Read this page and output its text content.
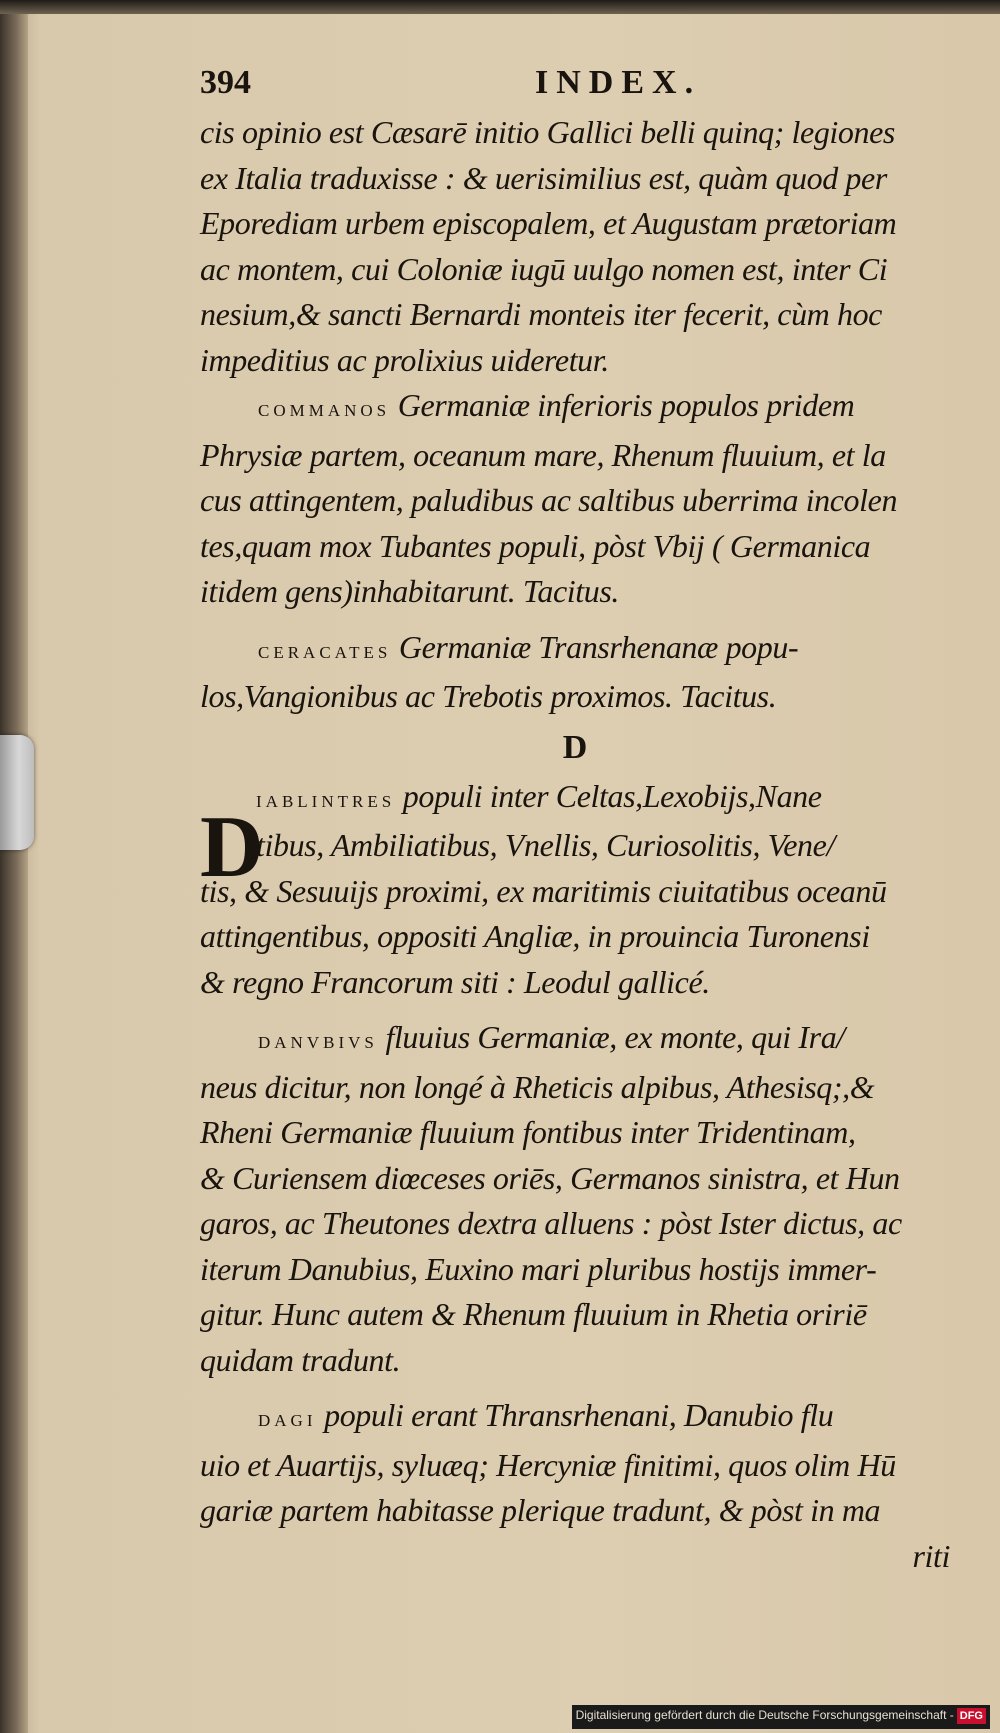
394	INDEX.
cis opinio est Cæsarē initio Gallici belli quinq; legiones
ex Italia traduxisse : & uerisimilius est, quàm quod per
Eporediam urbem episcopalem, et Augustam prætoriam
ac montem, cui Coloniæ iugū uulgo nomen est, inter Ci
nesium,& sancti Bernardi monteis iter fecerit, cùm hoc
impeditius ac prolixius uideretur.
commanos Germaniæ inferioris populos pridem
Phrysiæ partem, oceanum mare, Rhenum fluuium, et la
cus attingentem, paludibus ac saltibus uberrima incolen
tes,quam mox Tubantes populi, pòst Vbij ( Germanica
itidem gens)inhabitarunt. Tacitus.
ceracates Germaniæ Transrhenanæ popu-
los,Vangionibus ac Trebotis proximos. Tacitus.
D
D
iablintres populi inter Celtas,Lexobijs,Nane
tibus, Ambiliatibus, Vnellis, Curiosolitis, Vene/
tis, & Sesuuijs proximi, ex maritimis ciuitatibus oceanū
attingentibus, oppositi Angliæ, in prouincia Turonensi
& regno Francorum siti : Leodul gallicé.
danvbivs fluuius Germaniæ, ex monte, qui Ira/
neus dicitur, non longé à Rheticis alpibus, Athesisq;,&
Rheni Germaniæ fluuium fontibus inter Tridentinam,
& Curiensem diœceses oriēs, Germanos sinistra, et Hun
garos, ac Theutones dextra alluens : pòst Ister dictus, ac
iterum Danubius, Euxino mari pluribus hostijs immer-
gitur. Hunc autem & Rhenum fluuium in Rhetia oririē
quidam tradunt.
dagi populi erant Thransrhenani, Danubio flu
uio et Auartijs, syluæq; Hercyniæ finitimi, quos olim Hū
gariæ partem habitasse plerique tradunt, & pòst in ma
riti
Digitalisierung gefördert durch die Deutsche Forschungsgemeinschaft - DFG
